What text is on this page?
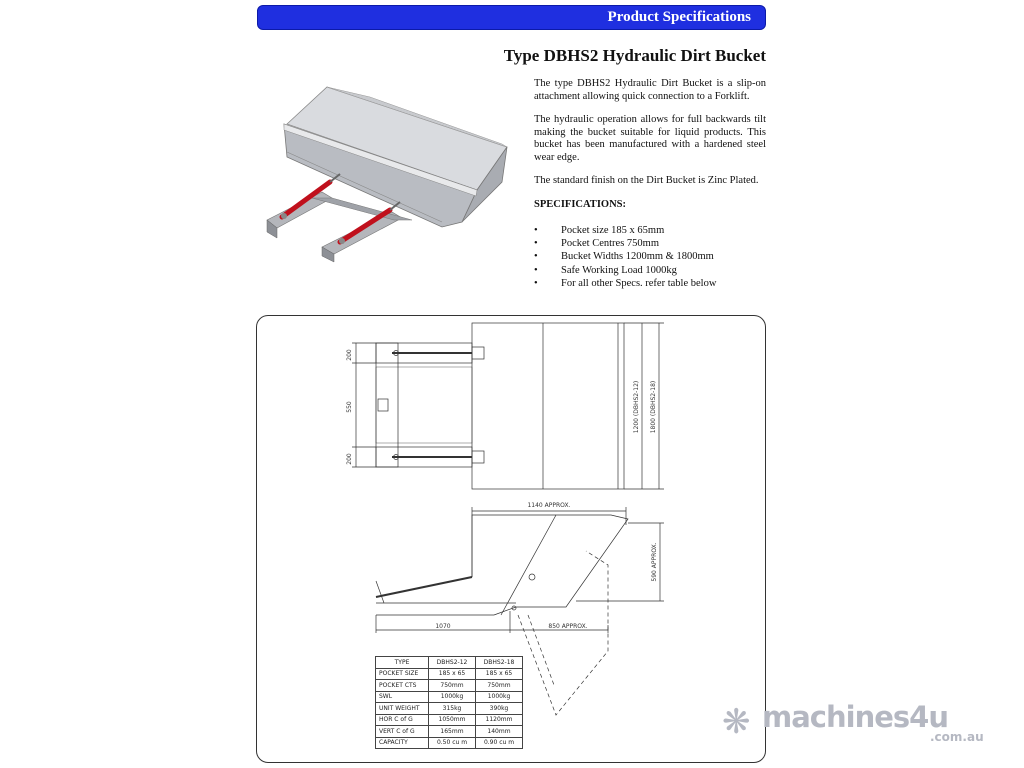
Product Specifications
Type DBHS2 Hydraulic Dirt Bucket
The type DBHS2 Hydraulic Dirt Bucket is a slip-on attachment allowing quick connection to a Forklift.
The hydraulic operation allows for full backwards tilt making the bucket suitable for liquid products. This bucket has been manufactured with a hardened steel wear edge.
The standard finish on the Dirt Bucket is Zinc Plated.
SPECIFICATIONS:
• Pocket size 185 x 65mm
• Pocket Centres 750mm
• Bucket Widths 1200mm & 1800mm
• Safe Working Load 1000kg
• For all other Specs. refer table below
200
550
200
1200 (DBHS2-12) 1800 (DBHS2-18)
1140 APPROX.
590 APPROX.
1070	850 APPROX.
TYPE	DBHS2-12	DBHS2-18
POCKET SIZE	185 x 65	185 x 65
POCKET CTS	750mm	750mm
SWL	1000kg	1000kg
UNIT WEIGHT	315kg	390kg
HOR C of G	1050mm	1120mm
VERT C of G	165mm	140mm
CAPACITY	0.50 cu m	0.90 cu m
❋ machines4u
.com.au
